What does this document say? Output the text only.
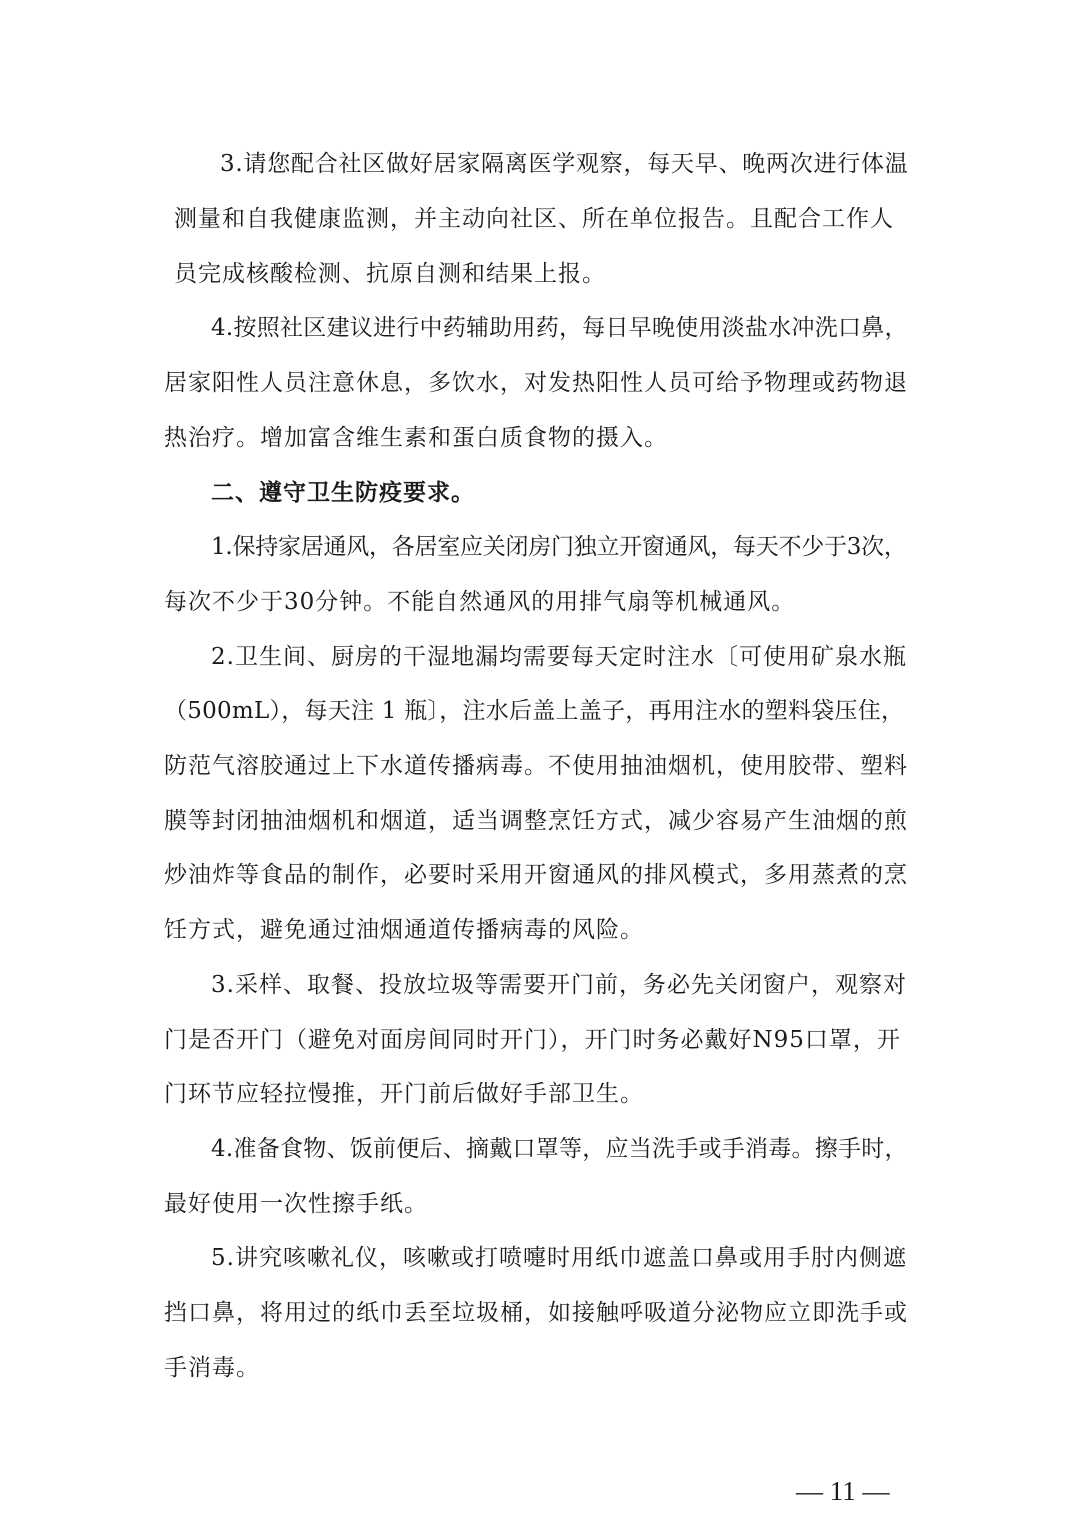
3.请您配合社区做好居家隔离医学观察，每天早、晚两次进行体温
测量和自我健康监测，并主动向社区、所在单位报告。且配合工作人
员完成核酸检测、抗原自测和结果上报。
4.按照社区建议进行中药辅助用药，每日早晚使用淡盐水冲洗口鼻，
居家阳性人员注意休息，多饮水，对发热阳性人员可给予物理或药物退
热治疗。增加富含维生素和蛋白质食物的摄入。
二、遵守卫生防疫要求。
1.保持家居通风，各居室应关闭房门独立开窗通风，每天不少于3次，
每次不少于30分钟。不能自然通风的用排气扇等机械通风。
2.卫生间、厨房的干湿地漏均需要每天定时注水〔可使用矿泉水瓶
（500mL），每天注 1 瓶〕，注水后盖上盖子，再用注水的塑料袋压住，
防范气溶胶通过上下水道传播病毒。不使用抽油烟机，使用胶带、塑料
膜等封闭抽油烟机和烟道，适当调整烹饪方式，减少容易产生油烟的煎
炒油炸等食品的制作，必要时采用开窗通风的排风模式，多用蒸煮的烹
饪方式，避免通过油烟通道传播病毒的风险。
3.采样、取餐、投放垃圾等需要开门前，务必先关闭窗户，观察对
门是否开门（避免对面房间同时开门），开门时务必戴好N95口罩，开
门环节应轻拉慢推，开门前后做好手部卫生。
4.准备食物、饭前便后、摘戴口罩等，应当洗手或手消毒。擦手时，
最好使用一次性擦手纸。
5.讲究咳嗽礼仪，咳嗽或打喷嚏时用纸巾遮盖口鼻或用手肘内侧遮
挡口鼻，将用过的纸巾丢至垃圾桶，如接触呼吸道分泌物应立即洗手或
手消毒。
— 11 —
